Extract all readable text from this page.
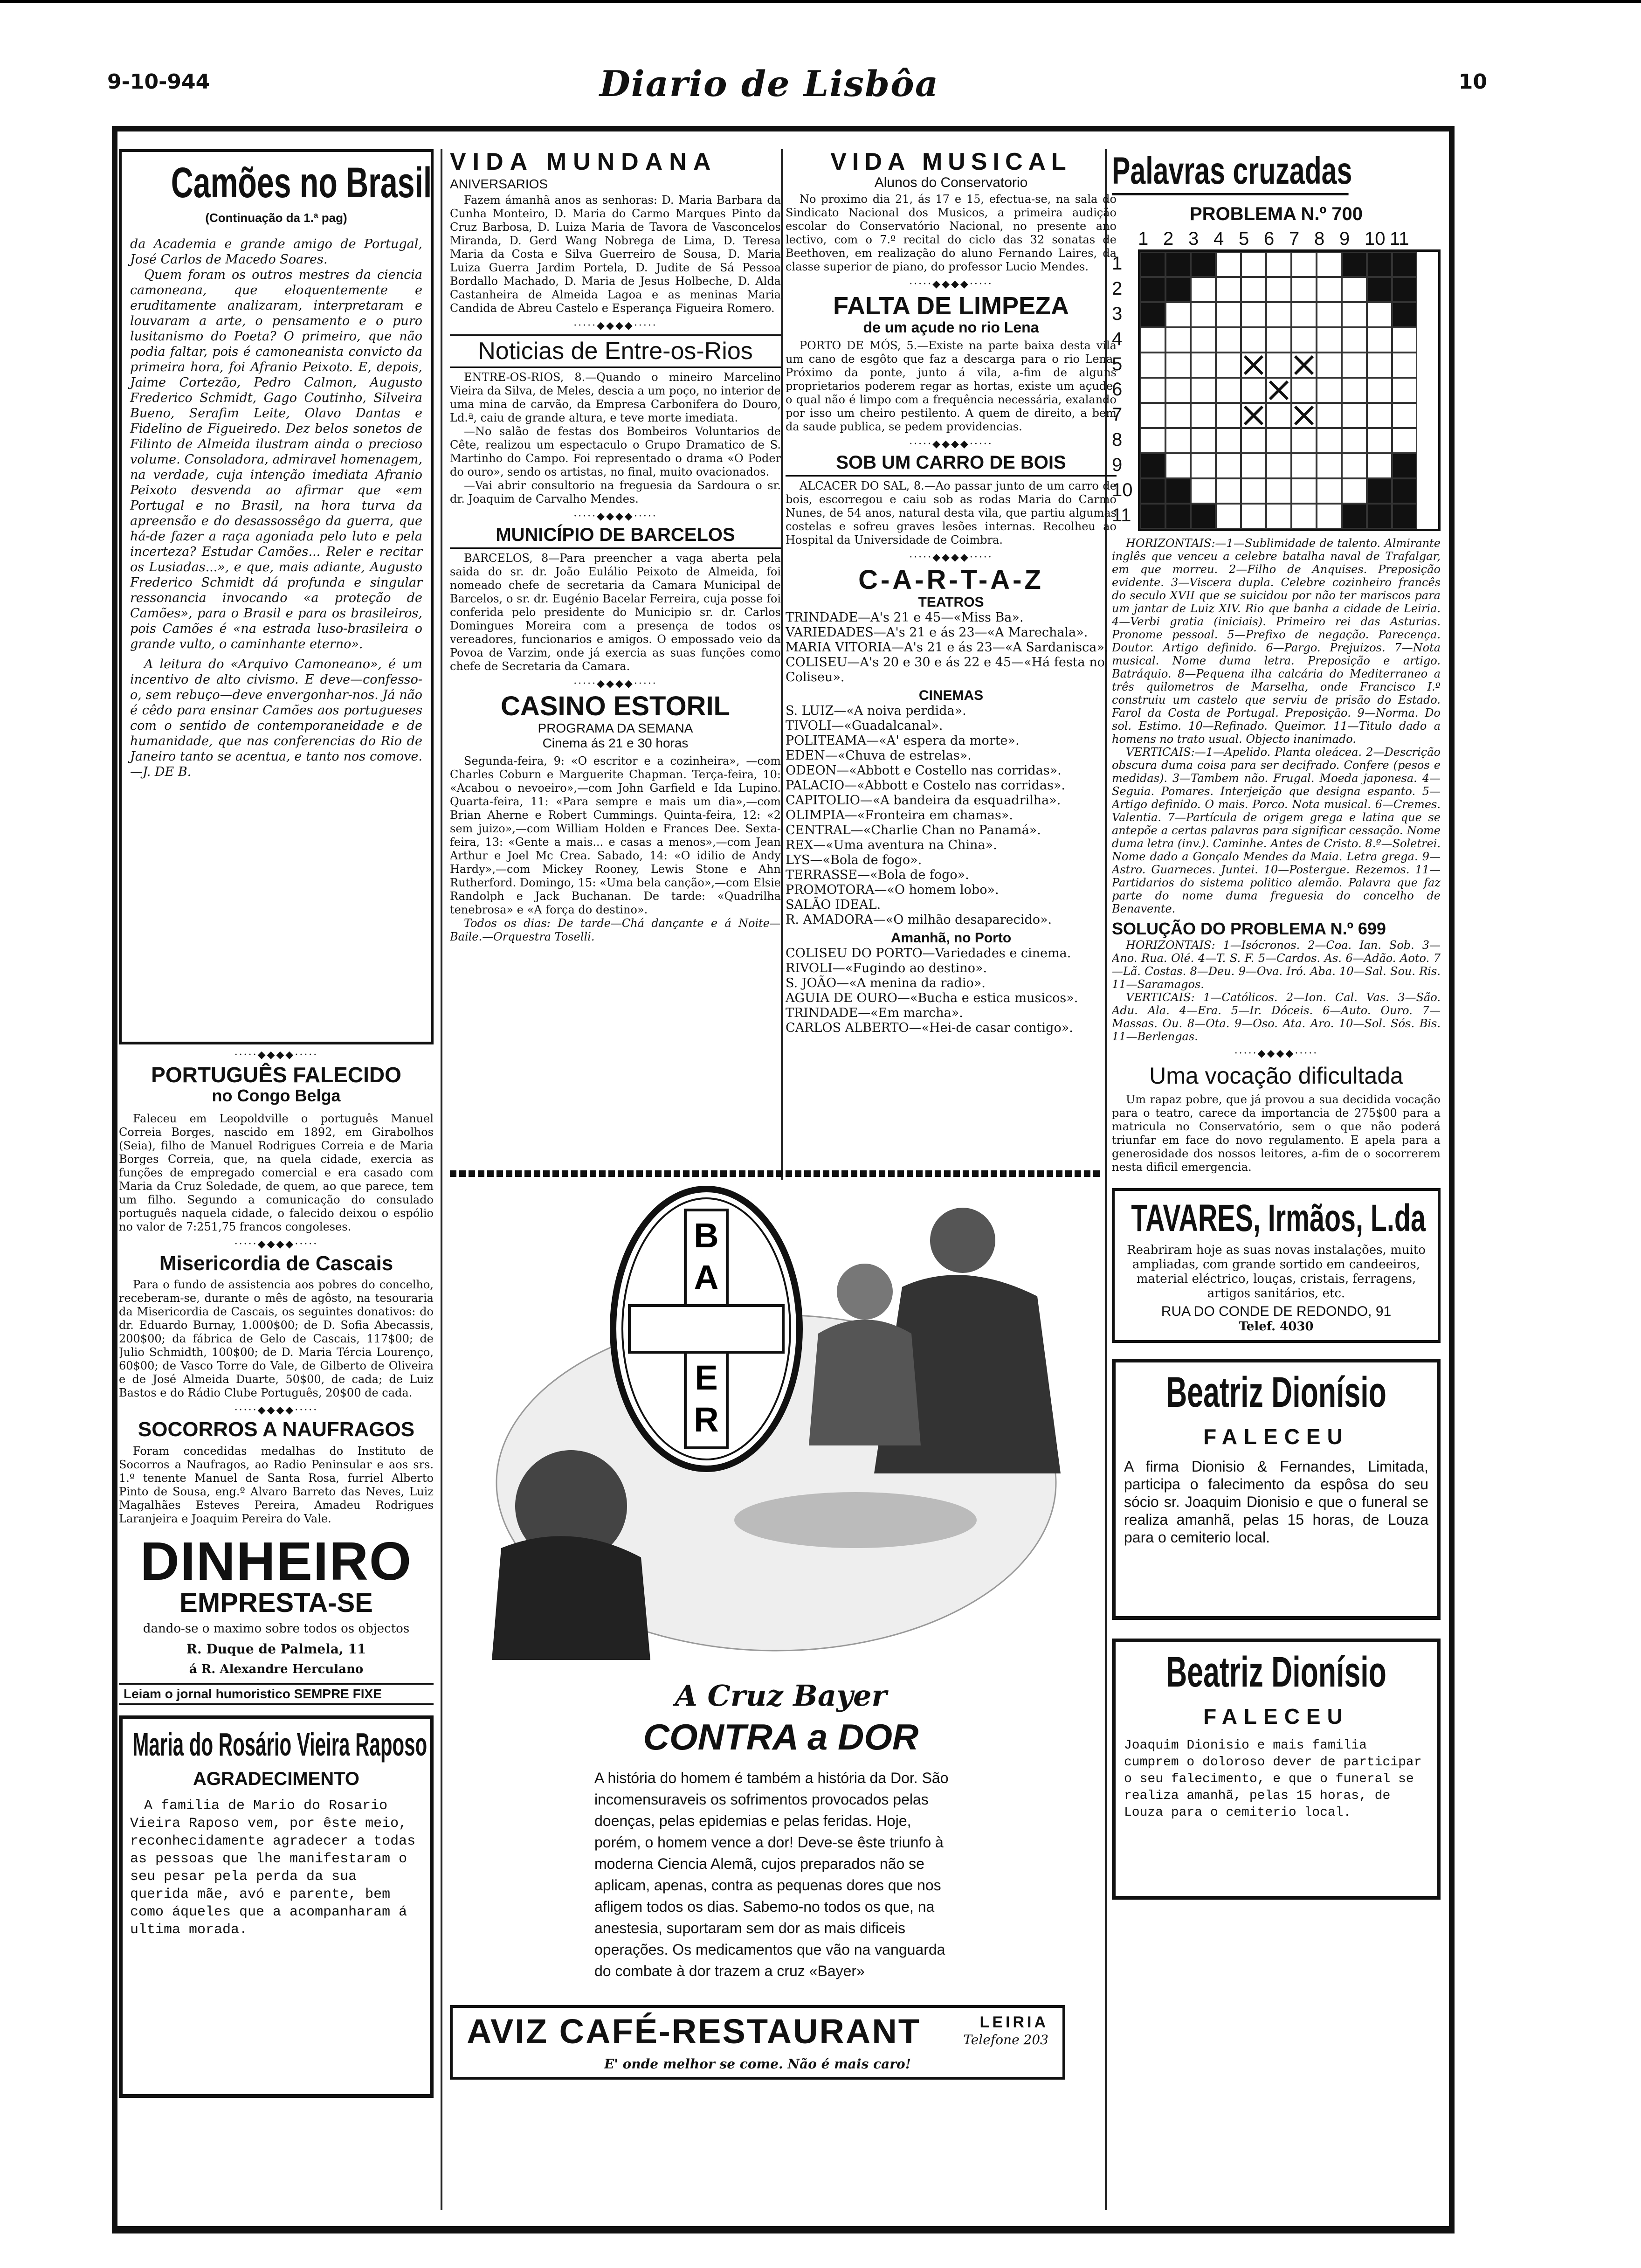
9-10-944	Diario de Lisbôa	10
Camões no Brasil
(Continuação da 1.ª pag)

da Academia e grande amigo de Portugal, José Carlos de Macedo Soares.

Quem foram os outros mestres da ciencia camoneana, que eloquentemente e eruditamente analizaram, interpretaram e louvaram a arte, o pensamento e o puro lusitanismo do Poeta? O primeiro, que não podia faltar, pois é camoneanista convicto da primeira hora, foi Afranio Peixoto. E, depois, Jaime Cortezão, Pedro Calmon, Augusto Frederico Schmidt, Gago Coutinho, Silveira Bueno, Serafim Leite, Olavo Dantas e Fidelino de Figueiredo. Dez belos sonetos de Filinto de Almeida ilustram ainda o precioso volume. Consoladora, admiravel homenagem, na verdade, cuja intenção imediata Afranio Peixoto desvenda ao afirmar que «em Portugal e no Brasil, na hora turva da apreensão e do desassossêgo da guerra, que há-de fazer a raça agoniada pelo luto e pela incerteza? Estudar Camões... Reler e recitar os Lusiadas...», e que, mais adiante, Augusto Frederico Schmidt dá profunda e singular ressonancia invocando «a proteção de Camões», para o Brasil e para os brasileiros, pois Camões é «na estrada luso-brasileira o grande vulto, o caminhante eterno».

A leitura do «Arquivo Camoneano», é um incentivo de alto civismo. E deve—confesso-o, sem rebuço—deve envergonhar-nos. Já não é cêdo para ensinar Camões aos portugueses com o sentido de contemporaneidade e de humanidade, que nas conferencias do Rio de Janeiro tanto se acentua, e tanto nos comove.—J. DE B.

·····◆◆◆◆·····
PORTUGUÊS FALECIDO
no Congo Belga

Faleceu em Leopoldville o português Manuel Correia Borges, nascido em 1892, em Girabolhos (Seia), filho de Manuel Rodrigues Correia e de Maria Borges Correia, que, na quela cidade, exercia as funções de empregado comercial e era casado com Maria da Cruz Soledade, de quem, ao que parece, tem um filho. Segundo a comunicação do consulado português naquela cidade, o falecido deixou o espólio no valor de 7:251,75 francos congoleses.

·····◆◆◆◆·····
Misericordia de Cascais

Para o fundo de assistencia aos pobres do concelho, receberam-se, durante o mês de agôsto, na tesouraria da Misericordia de Cascais, os seguintes donativos: do dr. Eduardo Burnay, 1.000$00; de D. Sofia Abecassis, 200$00; da fábrica de Gelo de Cascais, 117$00; de Julio Schmidth, 100$00; de D. Maria Tércia Lourenço, 60$00; de Vasco Torre do Vale, de Gilberto de Oliveira e de José Almeida Duarte, 50$00, de cada; de Luiz Bastos e do Rádio Clube Português, 20$00 de cada.

·····◆◆◆◆·····
SOCORROS A NAUFRAGOS

Foram concedidas medalhas do Instituto de Socorros a Naufragos, ao Radio Peninsular e aos srs. 1.º tenente Manuel de Santa Rosa, furriel Alberto Pinto de Sousa, eng.º Alvaro Barreto das Neves, Luiz Magalhães Esteves Pereira, Amadeu Rodrigues Laranjeira e Joaquim Pereira do Vale.

DINHEIRO
EMPRESTA-SE
dando-se o maximo sobre todos os objectos
R. Duque de Palmela, 11
á R. Alexandre Herculano
Leiam o jornal humoristico SEMPRE FIXE
Maria do Rosário Vieira Raposo
AGRADECIMENTO

A familia de Mario do Rosario Vieira Raposo vem, por êste meio, reconhecidamente agradecer a todas as pessoas que lhe manifestaram o seu pesar pela perda da sua querida mãe, avó e parente, bem como áqueles que a acompanharam á ultima morada.

VIDA MUNDANA
ANIVERSARIOS

Fazem ámanhã anos as senhoras: D. Maria Barbara da Cunha Monteiro, D. Maria do Carmo Marques Pinto da Cruz Barbosa, D. Luiza Maria de Tavora de Vasconcelos Miranda, D. Gerd Wang Nobrega de Lima, D. Teresa Maria da Costa e Silva Guerreiro de Sousa, D. Maria Luiza Guerra Jardim Portela, D. Judite de Sá Pessoa Bordallo Machado, D. Maria de Jesus Holbeche, D. Alda Castanheira de Almeida Lagoa e as meninas Maria Candida de Abreu Castelo e Esperança Figueira Romero.

·····◆◆◆◆·····
Noticias de Entre-os-Rios

ENTRE-OS-RIOS, 8.—Quando o mineiro Marcelino Vieira da Silva, de Meles, descia a um poço, no interior de uma mina de carvão, da Empresa Carbonifera do Douro, Ld.ª, caiu de grande altura, e teve morte imediata.

—No salão de festas dos Bombeiros Voluntarios de Cête, realizou um espectaculo o Grupo Dramatico de S. Martinho do Campo. Foi representado o drama «O Poder do ouro», sendo os artistas, no final, muito ovacionados.

—Vai abrir consultorio na freguesia da Sardoura o sr. dr. Joaquim de Carvalho Mendes.

·····◆◆◆◆·····
MUNICÍPIO DE BARCELOS

BARCELOS, 8—Para preencher a vaga aberta pela saida do sr. dr. João Eulálio Peixoto de Almeida, foi nomeado chefe de secretaria da Camara Municipal de Barcelos, o sr. dr. Eugénio Bacelar Ferreira, cuja posse foi conferida pelo presidente do Municipio sr. dr. Carlos Domingues Moreira com a presença de todos os vereadores, funcionarios e amigos. O empossado veio da Povoa de Varzim, onde já exercia as suas funções como chefe de Secretaria da Camara.

·····◆◆◆◆·····
CASINO ESTORIL
PROGRAMA DA SEMANA
Cinema ás 21 e 30 horas

Segunda-feira, 9: «O escritor e a cozinheira», —com Charles Coburn e Marguerite Chapman. Terça-feira, 10: «Acabou o nevoeiro»,—com John Garfield e Ida Lupino. Quarta-feira, 11: «Para sempre e mais um dia»,—com Brian Aherne e Robert Cummings. Quinta-feira, 12: «2 sem juizo»,—com William Holden e Frances Dee. Sexta-feira, 13: «Gente a mais... e casas a menos»,—com Jean Arthur e Joel Mc Crea. Sabado, 14: «O idilio de Andy Hardy»,—com Mickey Rooney, Lewis Stone e Ahn Rutherford. Domingo, 15: «Uma bela canção»,—com Elsie Randolph e Jack Buchanan. De tarde: «Quadrilha tenebrosa» e «A força do destino».

Todos os dias: De tarde—Chá dançante e á Noite—Baile.—Orquestra Toselli.

VIDA MUSICAL
Alunos do Conservatorio

No proximo dia 21, ás 17 e 15, efectua-se, na sala do Sindicato Nacional dos Musicos, a primeira audição escolar do Conservatório Nacional, no presente ano lectivo, com o 7.º recital do ciclo das 32 sonatas de Beethoven, em realização do aluno Fernando Laires, da classe superior de piano, do professor Lucio Mendes.

·····◆◆◆◆·····
FALTA DE LIMPEZA
de um açude no rio Lena

PORTO DE MÓS, 5.—Existe na parte baixa desta vila um cano de esgôto que faz a descarga para o rio Lena. Próximo da ponte, junto á vila, a-fim de alguns proprietarios poderem regar as hortas, existe um açude, o qual não é limpo com a frequência necessária, exalando por isso um cheiro pestilento. A quem de direito, a bem da saude publica, se pedem providencias.

·····◆◆◆◆·····
SOB UM CARRO DE BOIS

ALCACER DO SAL, 8.—Ao passar junto de um carro de bois, escorregou e caiu sob as rodas Maria do Carmo Nunes, de 54 anos, natural desta vila, que partiu algumas costelas e sofreu graves lesões internas. Recolheu ao Hospital da Universidade de Coimbra.

·····◆◆◆◆·····
C-A-R-T-A-Z
TEATROS

TRINDADE—A's 21 e 45—«Miss Ba».

VARIEDADES—A's 21 e ás 23—«A Marechala».

MARIA VITORIA—A's 21 e ás 23—«A Sardanisca».

COLISEU—A's 20 e 30 e ás 22 e 45—«Há festa no Coliseu».

CINEMAS

S. LUIZ—«A noiva perdida».

TIVOLI—«Guadalcanal».

POLITEAMA—«A' espera da morte».

EDEN—«Chuva de estrelas».

ODEON—«Abbott e Costello nas corridas».

PALACIO—«Abbott e Costelo nas corridas».

CAPITOLIO—«A bandeira da esquadrilha».

OLIMPIA—«Fronteira em chamas».

CENTRAL—«Charlie Chan no Panamá».

REX—«Uma aventura na China».

LYS—«Bola de fogo».

TERRASSE—«Bola de fogo».

PROMOTORA—«O homem lobo».

SALÃO IDEAL.

R. AMADORA—«O milhão desaparecido».

Amanhã, no Porto

COLISEU DO PORTO—Variedades e cinema.

RIVOLI—«Fugindo ao destino».

S. JOÃO—«A menina da radio».

AGUIA DE OURO—«Bucha e estica musicos».

TRINDADE—«Em marcha».

CARLOS ALBERTO—«Hei-de casar contigo».

B
A
E
R
A Cruz Bayer
CONTRA a DOR

A história do homem é também a história da Dor. São incomensuraveis os sofrimentos provocados pelas doenças, pelas epidemias e pelas feridas. Hoje, porém, o homem vence a dor! Deve-se êste triunfo à moderna Ciencia Alemã, cujos preparados não se aplicam, apenas, contra as pequenas dores que nos afligem todos os dias. Sabemo-no todos os que, na anestesia, suportaram sem dor as mais dificeis operações. Os medicamentos que vão na vanguarda do combate à dor trazem a cruz «Bayer»

AVIZ CAFÉ-RESTAURANT	LEIRIA
Telefone 203
E' onde melhor se come. Não é mais caro!
Palavras cruzadas
PROBLEMA N.º 700
1 2 3 4 5 6 7 8 9 10 11
1
2
3
4
5
6
7
8
9
10
11

HORIZONTAIS:—1—Sublimidade de talento. Almirante inglês que venceu a celebre batalha naval de Trafalgar, em que morreu. 2—Filho de Anquises. Preposição evidente. 3—Viscera dupla. Celebre cozinheiro francês do seculo XVII que se suicidou por não ter mariscos para um jantar de Luiz XIV. Rio que banha a cidade de Leiria. 4—Verbi gratia (iniciais). Primeiro rei das Asturias. Pronome pessoal. 5—Prefixo de negação. Parecença. Doutor. Artigo definido. 6—Pargo. Prejuizos. 7—Nota musical. Nome duma letra. Preposição e artigo. Batráquio. 8—Pequena ilha calcária do Mediterraneo a três quilometros de Marselha, onde Francisco I.º construiu um castelo que serviu de prisão do Estado. Farol da Costa de Portugal. Preposição. 9—Norma. Do sol. Estimo. 10—Refinado. Queimor. 11—Titulo dado a homens no trato usual. Objecto inanimado.

VERTICAIS:—1—Apelido. Planta oleácea. 2—Descrição obscura duma coisa para ser decifrado. Confere (pesos e medidas). 3—Tambem não. Frugal. Moeda japonesa. 4—Seguia. Pomares. Interjeição que designa espanto. 5—Artigo definido. O mais. Porco. Nota musical. 6—Cremes. Valentia. 7—Partícula de origem grega e latina que se antepõe a certas palavras para significar cessação. Nome duma letra (inv.). Caminhe. Antes de Cristo. 8.º—Soletrei. Nome dado a Gonçalo Mendes da Maia. Letra grega. 9—Astro. Guarneces. Juntei. 10—Postergue. Rezemos. 11—Partidarios do sistema politico alemão. Palavra que faz parte do nome duma freguesia do concelho de Benavente.

SOLUÇÃO DO PROBLEMA N.º 699

HORIZONTAIS: 1—Isócronos. 2—Coa. Ian. Sob. 3—Ano. Rua. Olé. 4—T. S. F. 5—Cardos. As. 6—Adão. Aoto. 7—Lã. Costas. 8—Deu. 9—Ova. Iró. Aba. 10—Sal. Sou. Ris. 11—Saramagos.

VERTICAIS: 1—Católicos. 2—Ion. Cal. Vas. 3—São. Adu. Ala. 4—Era. 5—Ir. Dóceis. 6—Auto. Ouro. 7—Massas. Ou. 8—Ota. 9—Oso. Ata. Aro. 10—Sol. Sós. Bis. 11—Berlengas.

·····◆◆◆◆·····
Uma vocação dificultada

Um rapaz pobre, que já provou a sua decidida vocação para o teatro, carece da importancia de 275$00 para a matricula no Conservatório, sem o que não poderá triunfar em face do novo regulamento. E apela para a generosidade dos nossos leitores, a-fim de o socorrerem nesta dificil emergencia.

TAVARES, Irmãos, L.da

Reabriram hoje as suas novas instalações, muito ampliadas, com grande sortido em candeeiros, material eléctrico, louças, cristais, ferragens, artigos sanitários, etc.

RUA DO CONDE DE REDONDO, 91
Telef. 4030
Beatriz Dionísio
FALECEU

A firma Dionisio & Fernandes, Limitada, participa o falecimento da espôsa do seu sócio sr. Joaquim Dionisio e que o funeral se realiza amanhã, pelas 15 horas, de Louza para o cemiterio local.

Beatriz Dionísio
FALECEU

Joaquim Dionisio e mais familia cumprem o doloroso dever de participar o seu falecimento, e que o funeral se realiza amanhã, pelas 15 horas, de Louza para o cemiterio local.
